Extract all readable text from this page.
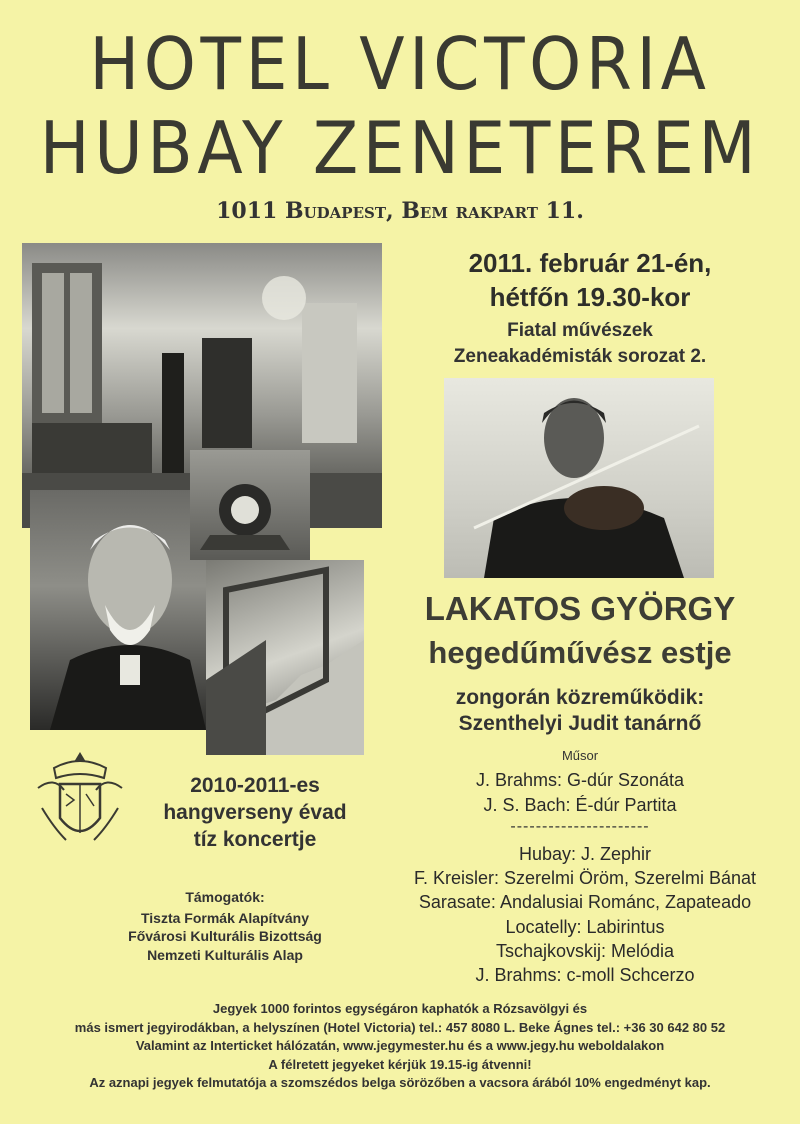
HOTEL VICTORIA
HUBAY ZENETEREM
1011 Budapest, Bem rakpart 11.
2011. február 21-én,
hétfőn 19.30-kor
Fiatal művészek
Zeneakadémisták sorozat 2.
LAKATOS GYÖRGY
hegedűművész estje
zongorán közreműködik:
Szenthelyi Judit tanárnő
Műsor
J. Brahms: G-dúr Szonáta
J. S. Bach: É-dúr Partita
----------------------
Hubay: J. Zephir
F. Kreisler: Szerelmi Öröm, Szerelmi Bánat
Sarasate: Andalusiai Románc, Zapateado
Locatelly: Labirintus
Tschajkovskij: Melódia
J. Brahms: c-moll Schcerzo
2010-2011-es
hangverseny évad
tíz koncertje
Támogatók:
Tiszta Formák Alapítvány
Fővárosi Kulturális Bizottság
Nemzeti Kulturális Alap
Jegyek 1000 forintos egységáron kaphatók a Rózsavölgyi és
más ismert jegyirodákban, a helyszínen (Hotel Victoria) tel.: 457 8080 L. Beke Ágnes tel.: +36 30 642 80 52
Valamint az Interticket hálózatán, www.jegymester.hu és a www.jegy.hu weboldalakon
A félretett jegyeket kérjük 19.15-ig átvenni!
Az aznapi jegyek felmutatója a szomszédos belga sörözőben a vacsora árából 10% engedményt kap.
